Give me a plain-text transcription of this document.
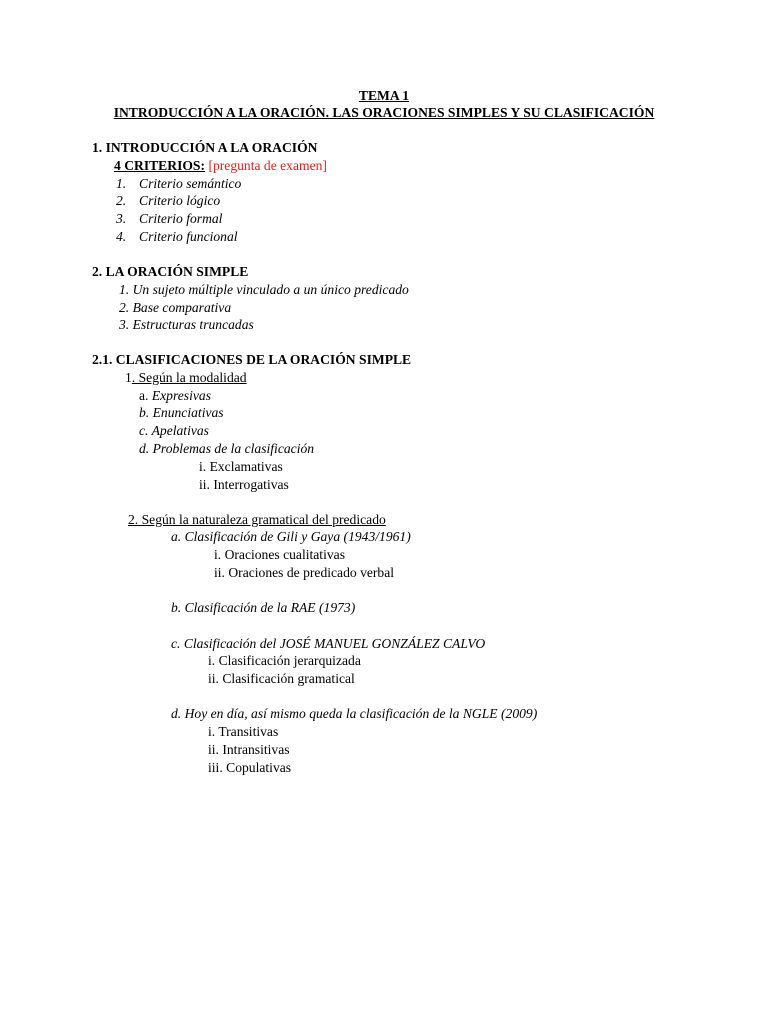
TEMA 1
INTRODUCCIÓN A LA ORACIÓN. LAS ORACIONES SIMPLES Y SU CLASIFICACIÓN
1. INTRODUCCIÓN A LA ORACIÓN
4 CRITERIOS: [pregunta de examen]
1. Criterio semántico
2. Criterio lógico
3. Criterio formal
4. Criterio funcional
2. LA ORACIÓN SIMPLE
1. Un sujeto múltiple vinculado a un único predicado
2. Base comparativa
3. Estructuras truncadas
2.1. CLASIFICACIONES DE LA ORACIÓN SIMPLE
1. Según la modalidad
a. Expresivas
b. Enunciativas
c. Apelativas
d. Problemas de la clasificación
i. Exclamativas
ii. Interrogativas
2. Según la naturaleza gramatical del predicado
a. Clasificación de Gili y Gaya (1943/1961)
i. Oraciones cualitativas
ii. Oraciones de predicado verbal
b. Clasificación de la RAE (1973)
c. Clasificación del JOSÉ MANUEL GONZÁLEZ CALVO
i. Clasificación jerarquizada
ii. Clasificación gramatical
d. Hoy en día, así mismo queda la clasificación de la NGLE (2009)
i. Transitivas
ii. Intransitivas
iii. Copulativas
